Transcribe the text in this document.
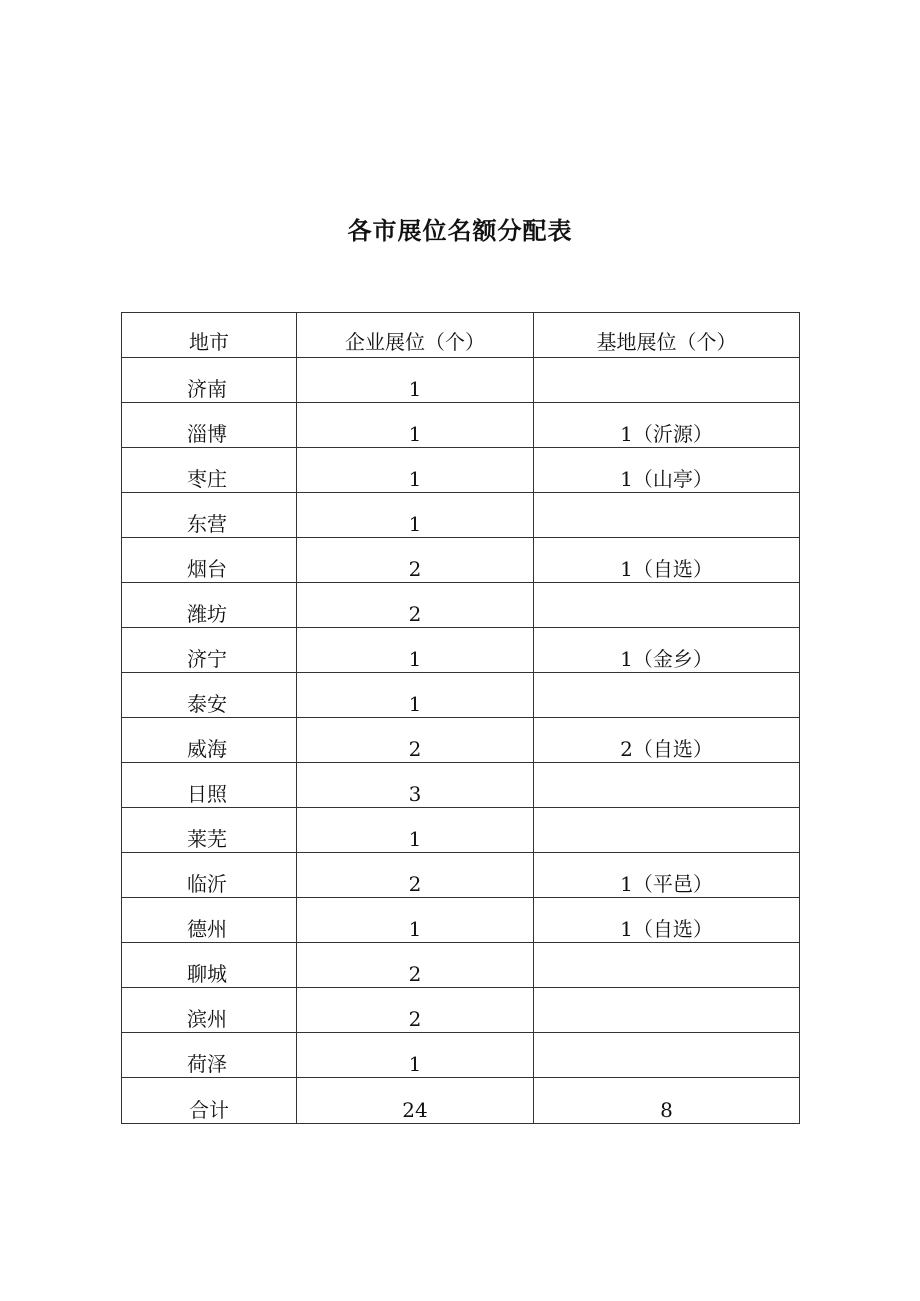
各市展位名额分配表
地市	企业展位（个）	基地展位（个）
济南	1	
淄博	1	1（沂源）
枣庄	1	1（山亭）
东营	1	
烟台	2	1（自选）
潍坊	2	
济宁	1	1（金乡）
泰安	1	
威海	2	2（自选）
日照	3	
莱芜	1	
临沂	2	1（平邑）
德州	1	1（自选）
聊城	2	
滨州	2	
荷泽	1	
合计	24	8
